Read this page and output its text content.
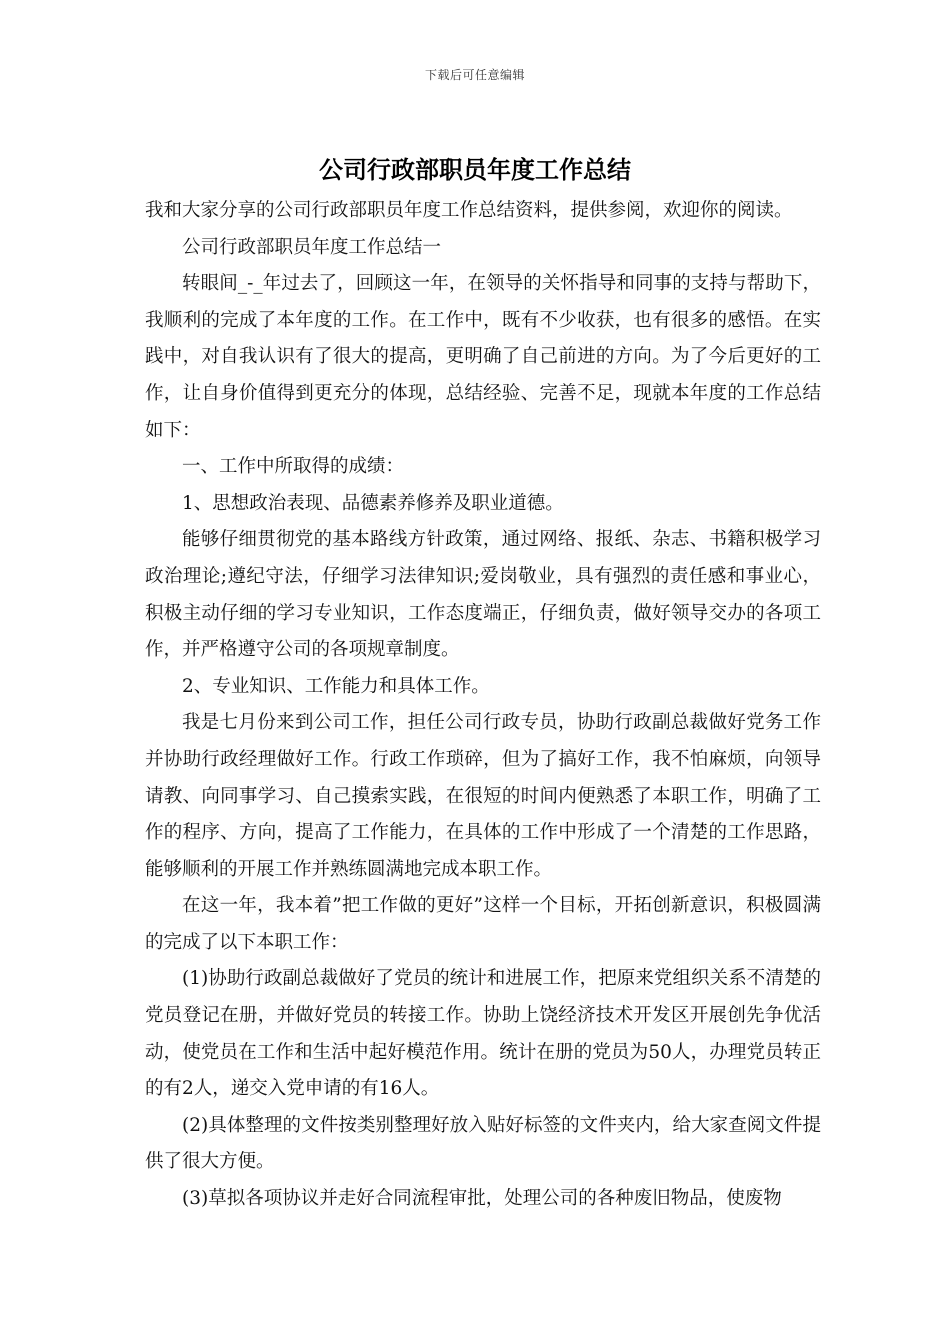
下载后可任意编辑
公司行政部职员年度工作总结

我和大家分享的公司行政部职员年度工作总结资料，提供参阅，欢迎你的阅读。

公司行政部职员年度工作总结一

转眼间_-_年过去了，回顾这一年，在领导的关怀指导和同事的支持与帮助下，我顺利的完成了本年度的工作。在工作中，既有不少收获，也有很多的感悟。在实践中，对自我认识有了很大的提高，更明确了自己前进的方向。为了今后更好的工作，让自身价值得到更充分的体现，总结经验、完善不足，现就本年度的工作总结如下：

一、工作中所取得的成绩：

1、思想政治表现、品德素养修养及职业道德。

能够仔细贯彻党的基本路线方针政策，通过网络、报纸、杂志、书籍积极学习政治理论;遵纪守法，仔细学习法律知识;爱岗敬业，具有强烈的责任感和事业心，积极主动仔细的学习专业知识，工作态度端正，仔细负责，做好领导交办的各项工作，并严格遵守公司的各项规章制度。

2、专业知识、工作能力和具体工作。

我是七月份来到公司工作，担任公司行政专员，协助行政副总裁做好党务工作并协助行政经理做好工作。行政工作琐碎，但为了搞好工作，我不怕麻烦，向领导请教、向同事学习、自己摸索实践，在很短的时间内便熟悉了本职工作，明确了工作的程序、方向，提高了工作能力，在具体的工作中形成了一个清楚的工作思路，能够顺利的开展工作并熟练圆满地完成本职工作。

在这一年，我本着”把工作做的更好”这样一个目标，开拓创新意识，积极圆满的完成了以下本职工作：

(1)协助行政副总裁做好了党员的统计和进展工作，把原来党组织关系不清楚的党员登记在册，并做好党员的转接工作。协助上饶经济技术开发区开展创先争优活动，使党员在工作和生活中起好模范作用。统计在册的党员为50人，办理党员转正的有2人，递交入党申请的有16人。

(2)具体整理的文件按类别整理好放入贴好标签的文件夹内，给大家查阅文件提供了很大方便。

(3)草拟各项协议并走好合同流程审批，处理公司的各种废旧物品，使废物
